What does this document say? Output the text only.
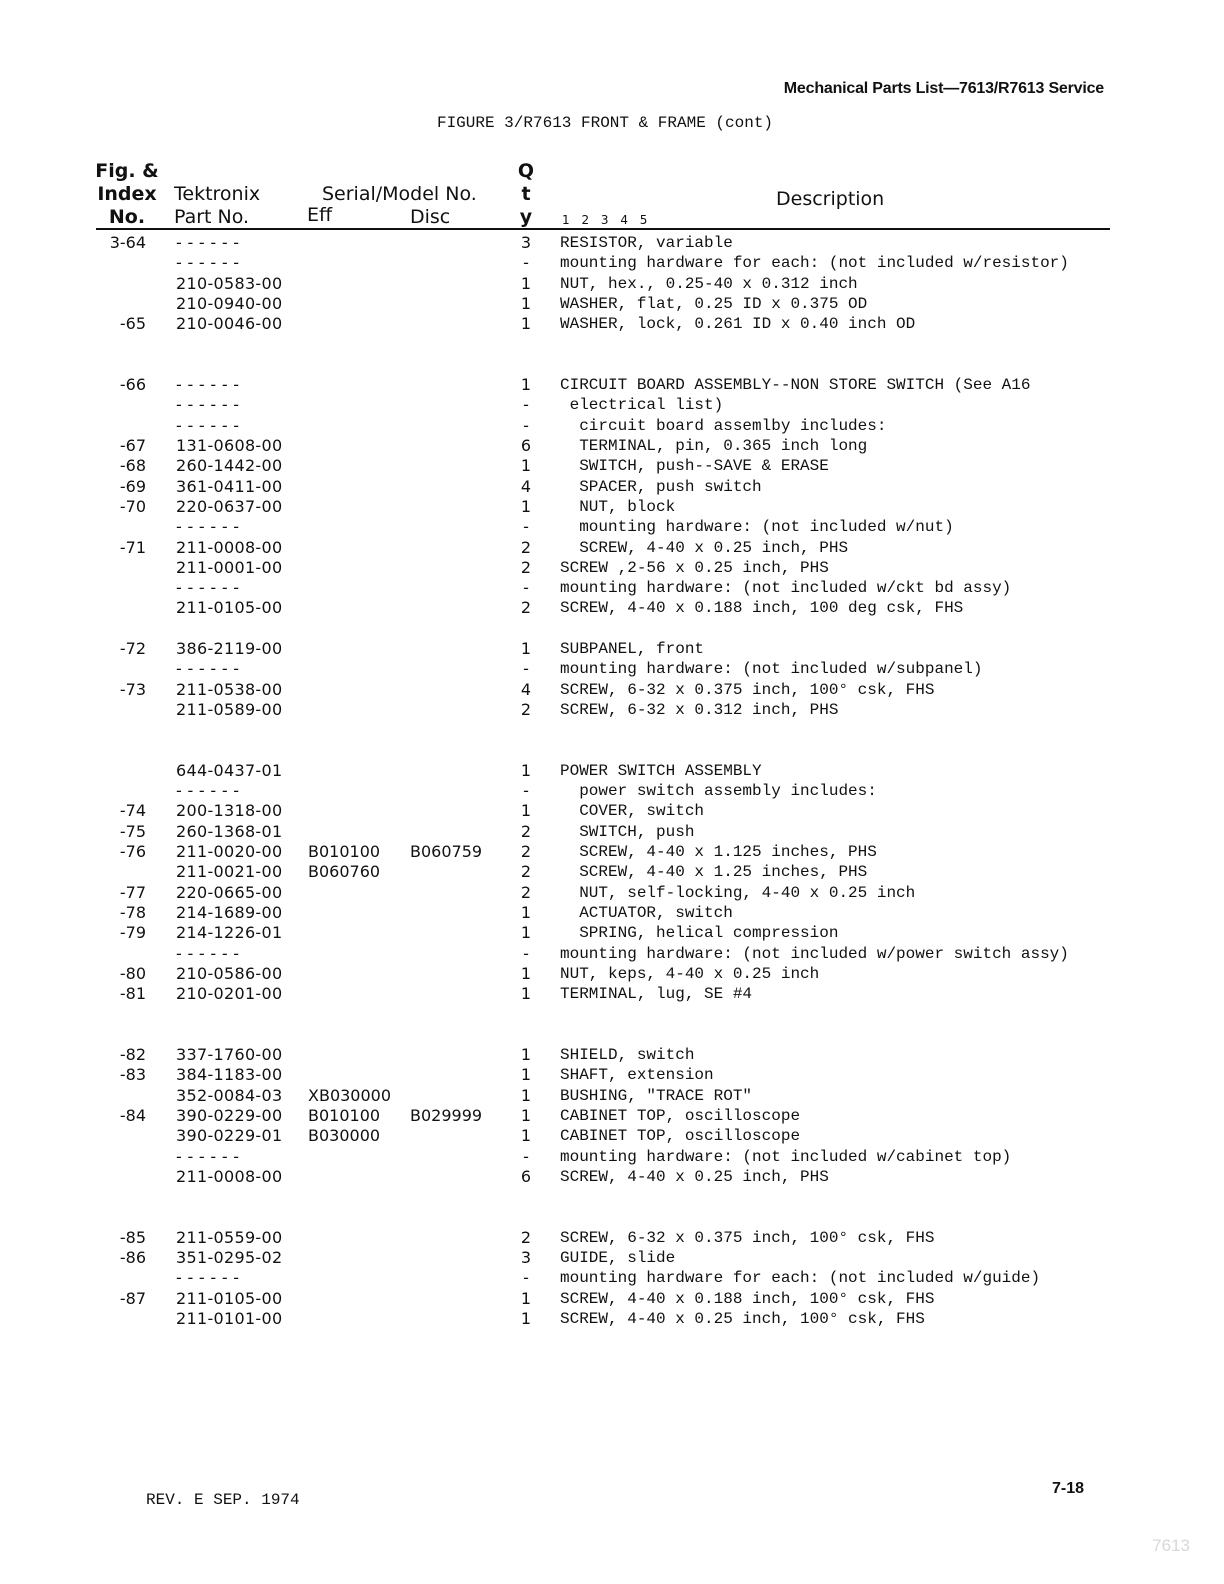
Mechanical Parts List—7613/R7613 Service
FIGURE 3/R7613 FRONT & FRAME (cont)
Fig. &
Index
No.
Tektronix
Part No.
Serial/Model No.
Eff	Disc
Q
t
y
Description
1 2 3 4 5
3-64 - - - - - -	3 RESISTOR, variable
- - - - - -	-	mounting hardware for each: (not included w/resistor)
210-0583-00	1 NUT, hex., 0.25-40 x 0.312 inch
210-0940-00	1 WASHER, flat, 0.25 ID x 0.375 OD
-65 210-0046-00	1 WASHER, lock, 0.261 ID x 0.40 inch OD
-66 - - - - - -	1 CIRCUIT BOARD ASSEMBLY--NON STORE SWITCH (See A16
- - - - - -	-	electrical list)
- - - - - -	-	circuit board assemlby includes:
-67 131-0608-00	6 TERMINAL, pin, 0.365 inch long
-68 260-1442-00	1 SWITCH, push--SAVE & ERASE
-69 361-0411-00	4 SPACER, push switch
-70 220-0637-00	1 NUT, block
- - - - - -	-	mounting hardware: (not included w/nut)
-71 211-0008-00	2 SCREW, 4-40 x 0.25 inch, PHS
211-0001-00	2 SCREW ,2-56 x 0.25 inch, PHS
- - - - - -	-	mounting hardware: (not included w/ckt bd assy)
211-0105-00	2 SCREW, 4-40 x 0.188 inch, 100 deg csk, FHS
-72 386-2119-00	1 SUBPANEL, front
- - - - - -	-	mounting hardware: (not included w/subpanel)
-73 211-0538-00	4 SCREW, 6-32 x 0.375 inch, 100° csk, FHS
211-0589-00	2 SCREW, 6-32 x 0.312 inch, PHS
644-0437-01	1 POWER SWITCH ASSEMBLY
- - - - - -	-	power switch assembly includes:
-74 200-1318-00	1 COVER, switch
-75 260-1368-01	2 SWITCH, push
-76 211-0020-00 B010100 B060759 2 SCREW, 4-40 x 1.125 inches, PHS
211-0021-00 B060760	2 SCREW, 4-40 x 1.25 inches, PHS
-77 220-0665-00	2 NUT, self-locking, 4-40 x 0.25 inch
-78 214-1689-00	1 ACTUATOR, switch
-79 214-1226-01	1 SPRING, helical compression
- - - - - -	-	mounting hardware: (not included w/power switch assy)
-80 210-0586-00	1 NUT, keps, 4-40 x 0.25 inch
-81 210-0201-00	1 TERMINAL, lug, SE #4
-82 337-1760-00	1 SHIELD, switch
-83 384-1183-00	1 SHAFT, extension
352-0084-03 XB030000	1 BUSHING, "TRACE ROT"
-84 390-0229-00 B010100 B029999 1 CABINET TOP, oscilloscope
390-0229-01 B030000	1 CABINET TOP, oscilloscope
- - - - - -	-	mounting hardware: (not included w/cabinet top)
211-0008-00	6 SCREW, 4-40 x 0.25 inch, PHS
-85 211-0559-00	2 SCREW, 6-32 x 0.375 inch, 100° csk, FHS
-86 351-0295-02	3 GUIDE, slide
- - - - - -	-	mounting hardware for each: (not included w/guide)
-87 211-0105-00	1 SCREW, 4-40 x 0.188 inch, 100° csk, FHS
211-0101-00	1 SCREW, 4-40 x 0.25 inch, 100° csk, FHS
REV. E SEP. 1974
7-18
7613
